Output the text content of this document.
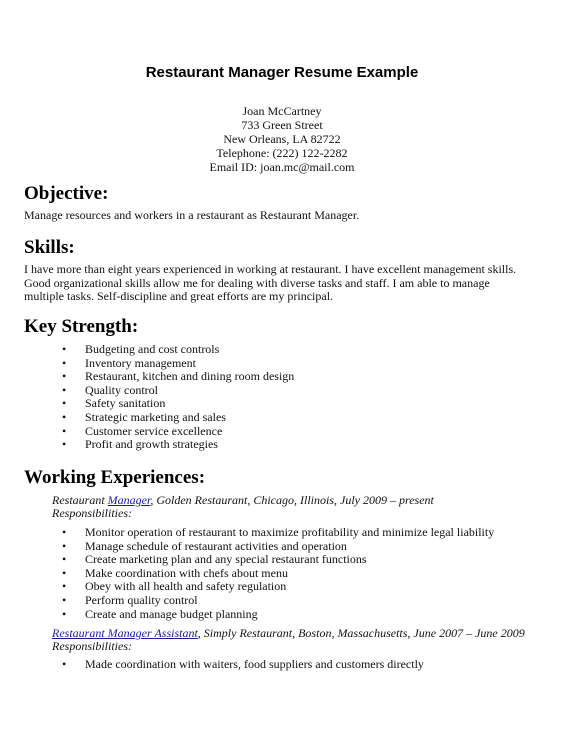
Restaurant Manager Resume Example
Joan McCartney
733 Green Street
New Orleans, LA 82722
Telephone: (222) 122-2282
Email ID: joan.mc@mail.com
Objective:
Manage resources and workers in a restaurant as Restaurant Manager.
Skills:
I have more than eight years experienced in working at restaurant. I have excellent management skills.
Good organizational skills allow me for dealing with diverse tasks and staff. I am able to manage
multiple tasks. Self-discipline and great efforts are my principal.
Key Strength:
• Budgeting and cost controls
• Inventory management
• Restaurant, kitchen and dining room design
• Quality control
• Safety sanitation
• Strategic marketing and sales
• Customer service excellence
• Profit and growth strategies
Working Experiences:
Restaurant Manager, Golden Restaurant, Chicago, Illinois, July 2009 – present
Responsibilities:
• Monitor operation of restaurant to maximize profitability and minimize legal liability
• Manage schedule of restaurant activities and operation
• Create marketing plan and any special restaurant functions
• Make coordination with chefs about menu
• Obey with all health and safety regulation
• Perform quality control
• Create and manage budget planning
Restaurant Manager Assistant, Simply Restaurant, Boston, Massachusetts, June 2007 – June 2009
Responsibilities:
• Made coordination with waiters, food suppliers and customers directly
